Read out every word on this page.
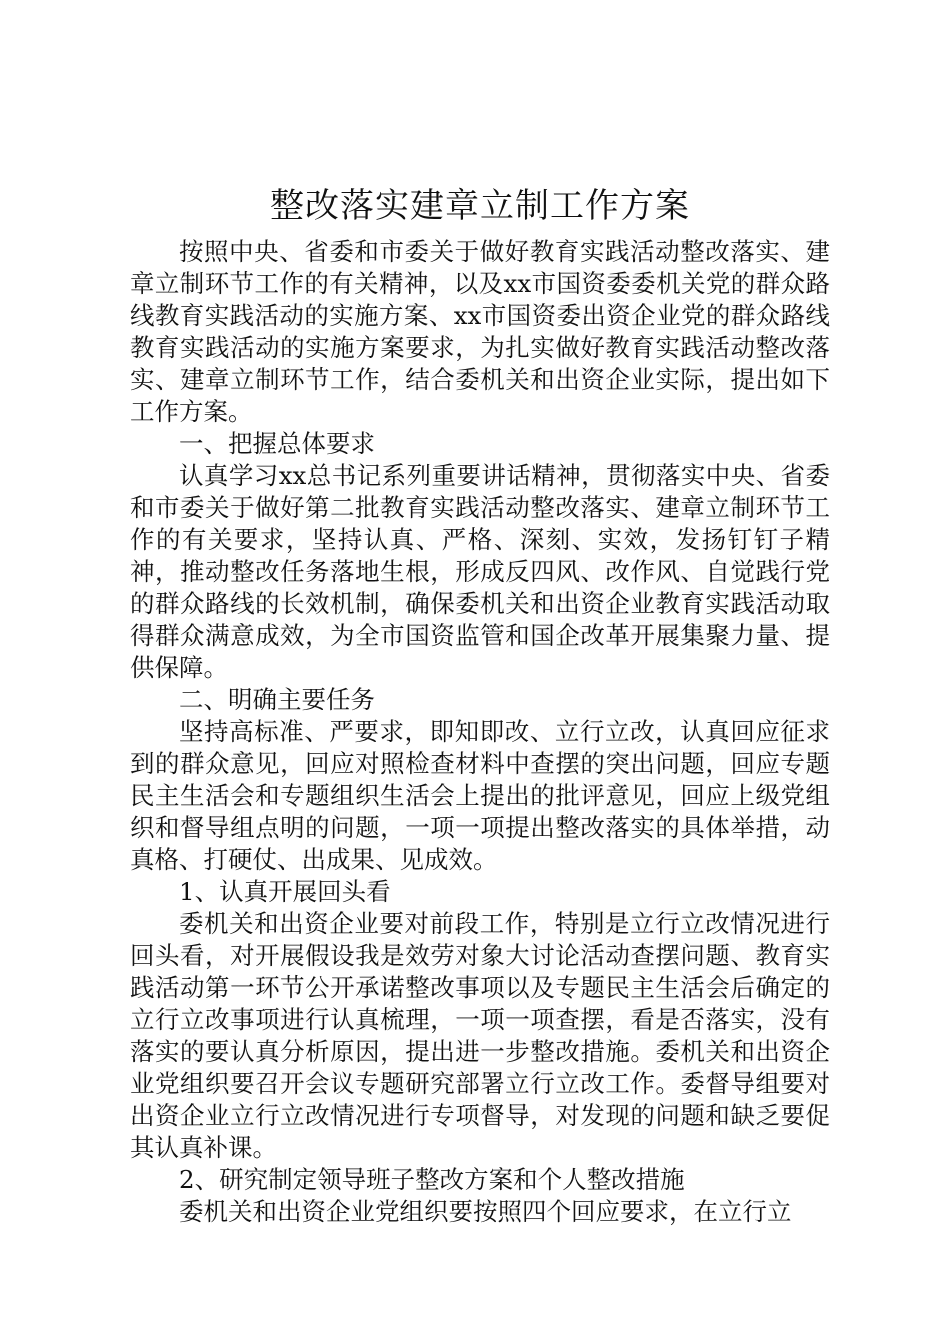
整改落实建章立制工作方案

按照中央、省委和市委关于做好教育实践活动整改落实、建章立制环节工作的有关精神，以及xx市国资委委机关党的群众路线教育实践活动的实施方案、xx市国资委出资企业党的群众路线教育实践活动的实施方案要求，为扎实做好教育实践活动整改落实、建章立制环节工作，结合委机关和出资企业实际，提出如下工作方案。

一、把握总体要求

认真学习xx总书记系列重要讲话精神，贯彻落实中央、省委和市委关于做好第二批教育实践活动整改落实、建章立制环节工作的有关要求，坚持认真、严格、深刻、实效，发扬钉钉子精神，推动整改任务落地生根，形成反四风、改作风、自觉践行党的群众路线的长效机制，确保委机关和出资企业教育实践活动取得群众满意成效，为全市国资监管和国企改革开展集聚力量、提供保障。

二、明确主要任务

坚持高标准、严要求，即知即改、立行立改，认真回应征求到的群众意见，回应对照检查材料中查摆的突出问题，回应专题民主生活会和专题组织生活会上提出的批评意见，回应上级党组织和督导组点明的问题，一项一项提出整改落实的具体举措，动真格、打硬仗、出成果、见成效。

1、认真开展回头看

委机关和出资企业要对前段工作，特别是立行立改情况进行回头看，对开展假设我是效劳对象大讨论活动查摆问题、教育实践活动第一环节公开承诺整改事项以及专题民主生活会后确定的立行立改事项进行认真梳理，一项一项查摆，看是否落实，没有落实的要认真分析原因，提出进一步整改措施。委机关和出资企业党组织要召开会议专题研究部署立行立改工作。委督导组要对出资企业立行立改情况进行专项督导，对发现的问题和缺乏要促其认真补课。

2、研究制定领导班子整改方案和个人整改措施

委机关和出资企业党组织要按照四个回应要求，在立行立
